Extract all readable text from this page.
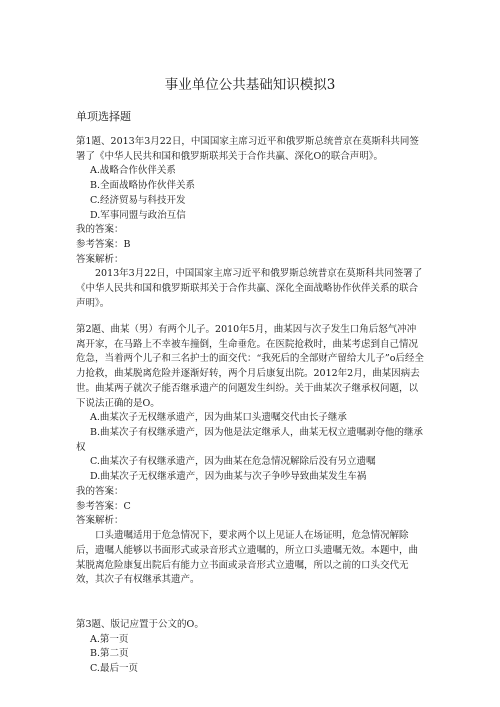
事业单位公共基础知识模拟3
单项选择题

第1题、2013年3月22日，中国国家主席习近平和俄罗斯总统普京在莫斯科共同签署了《中华人民共和国和俄罗斯联邦关于合作共赢、深化O的联合声明》。

A.战略合作伙伴关系

B.全面战略协作伙伴关系

C.经济贸易与科技开发

D.军事同盟与政治互信

我的答案：

参考答案：B

答案解析：

2013年3月22日，中国国家主席习近平和俄罗斯总统普京在莫斯科共同签署了《中华人民共和国和俄罗斯联邦关于合作共赢、深化全面战略协作伙伴关系的联合声明》。

第2题、曲某（男）有两个儿子。2010年5月，曲某因与次子发生口角后怒气冲冲离开家，在马路上不幸被车撞倒，生命垂危。在医院抢救时，曲某考虑到自己情况危急，当着两个儿子和三名护士的面交代：“我死后的全部财产留给大儿子”o后经全力抢救，曲某脱离危险并逐渐好转，两个月后康复出院。2012年2月，曲某因病去世。曲某两子就次子能否继承遗产的问题发生纠纷。关于曲某次子继承权问题，以下说法正确的是O。

A.曲某次子无权继承遗产，因为曲某口头遗嘱交代由长子继承

B.曲某次子有权继承遗产，因为他是法定继承人，曲某无权立遗嘱剥夺他的继承权

C.曲某次子有权继承遗产，因为曲某在危急情况解除后没有另立遗嘱

D.曲某次子无权继承遗产，因为曲某与次子争吵导致曲某发生车祸

我的答案：

参考答案：C

答案解析：

口头遗嘱适用于危急情况下，要求两个以上见证人在场证明，危急情况解除后，遗嘱人能够以书面形式或录音形式立遗嘱的，所立口头遗嘱无效。本题中，曲某脱离危险康复出院后有能力立书面或录音形式立遗嘱，所以之前的口头交代无效，其次子有权继承其遗产。

第3题、版记应置于公文的O。

A.第一页

B.第二页

C.最后一页
